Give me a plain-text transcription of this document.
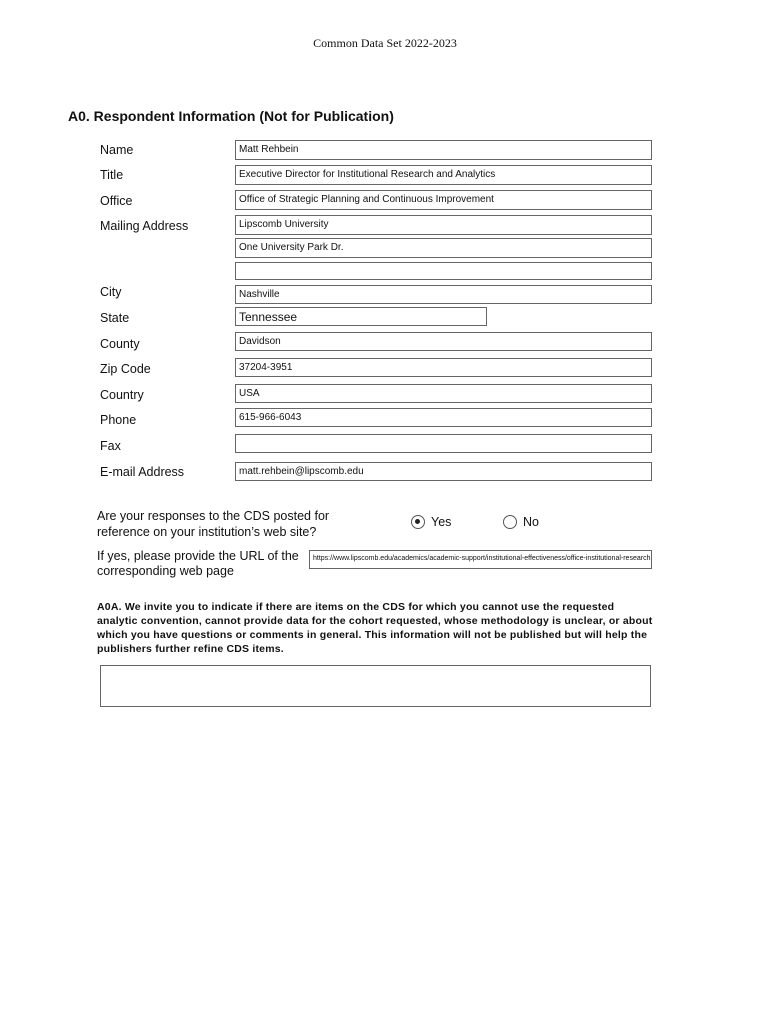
Common Data Set 2022-2023
A0. Respondent Information (Not for Publication)
Name	Matt Rehbein
Title	Executive Director for Institutional Research and Analytics
Office	Office of Strategic Planning and Continuous Improvement
Mailing Address	Lipscomb University
One University Park Dr.
City	Nashville
State	Tennessee
County	Davidson
Zip Code	37204-3951
Country	USA
Phone	615-966-6043
Fax
E-mail Address	matt.rehbein@lipscomb.edu
Are your responses to the CDS posted for
reference on your institution’s web site?
Yes	No
If yes, please provide the URL of the
corresponding web page
https://www.lipscomb.edu/academics/academic-support/institutional-effectiveness/office-institutional-research
A0A. We invite you to indicate if there are items on the CDS for which you cannot use the requested analytic convention, cannot provide data for the cohort requested, whose methodology is unclear, or about which you have questions or comments in general. This information will not be published but will help the publishers further refine CDS items.
